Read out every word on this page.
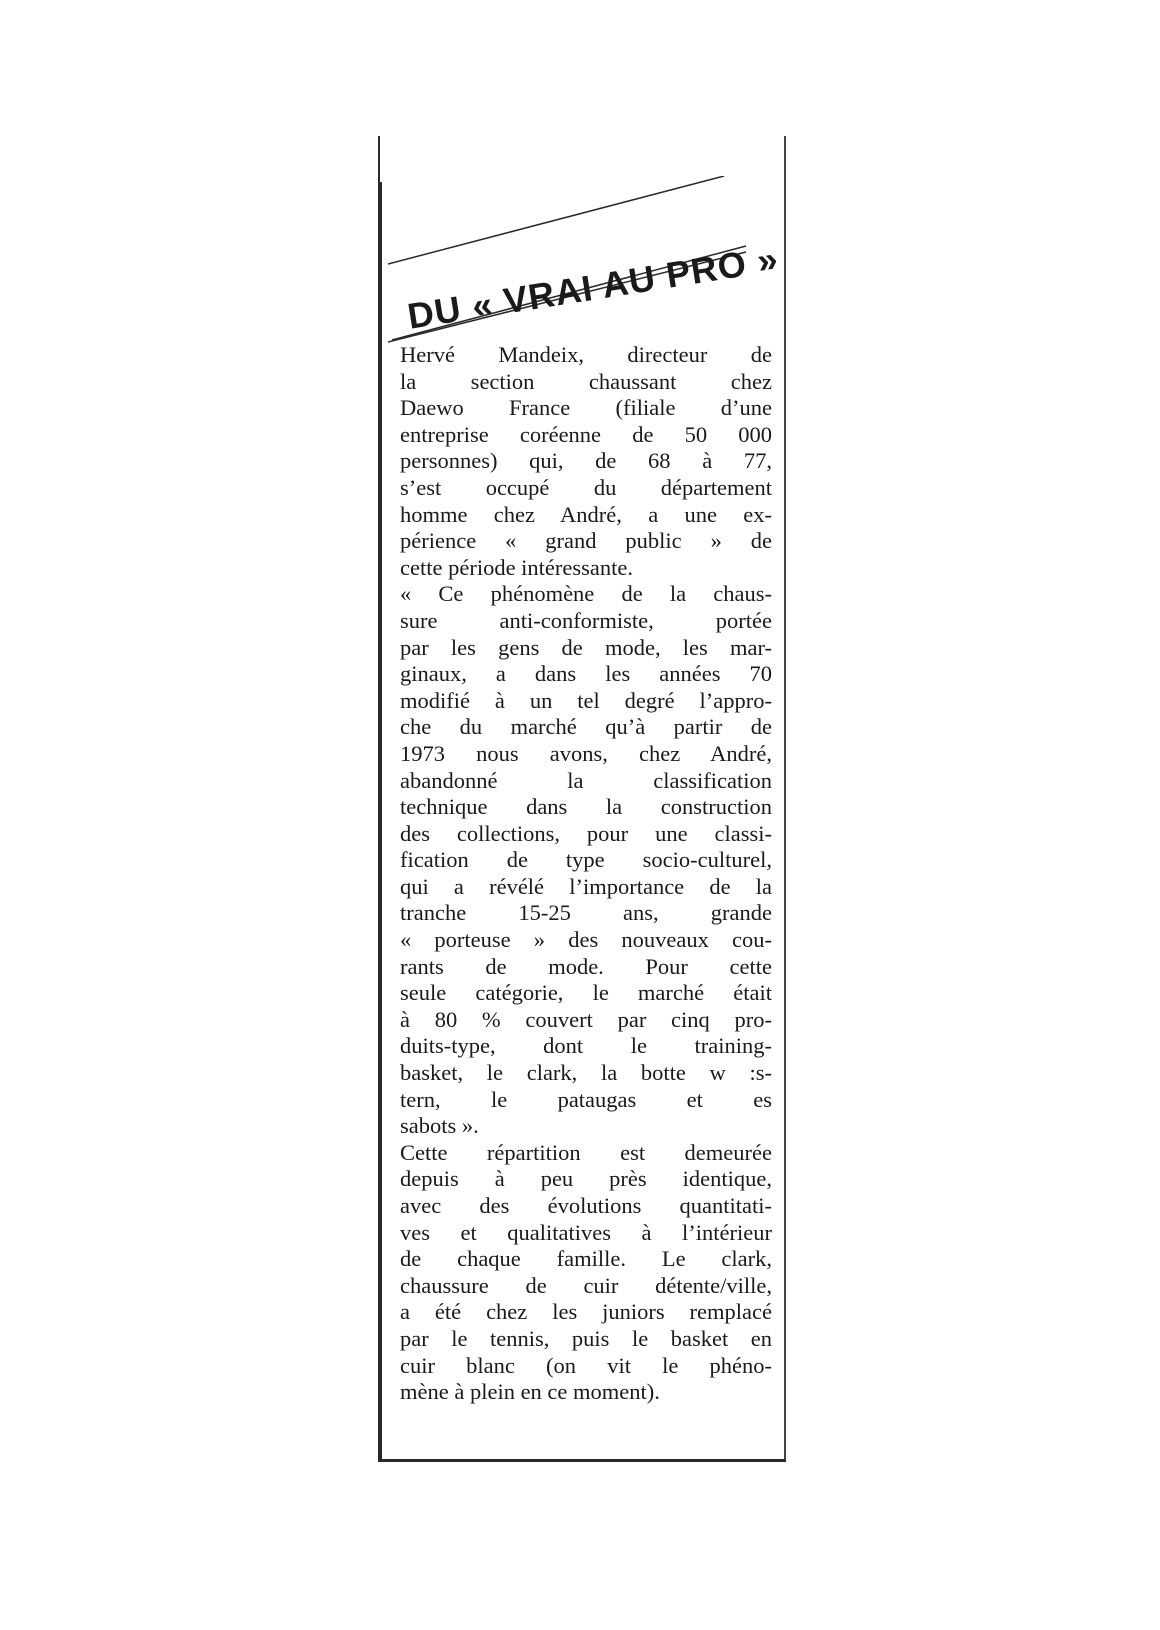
DU « VRAI AU PRO »
Hervé Mandeix, directeur de
la section chaussant chez
Daewo France (filiale d’une
entreprise coréenne de 50 000
personnes) qui, de 68 à 77,
s’est occupé du département
homme chez André, a une ex-
périence « grand public » de
cette période intéressante.
« Ce phénomène de la chaus-
sure anti-conformiste, portée
par les gens de mode, les mar-
ginaux, a dans les années 70
modifié à un tel degré l’appro-
che du marché qu’à partir de
1973 nous avons, chez André,
abandonné la classification
technique dans la construction
des collections, pour une classi-
fication de type socio-culturel,
qui a révélé l’importance de la
tranche 15-25 ans, grande
« porteuse » des nouveaux cou-
rants de mode. Pour cette
seule catégorie, le marché était
à 80 % couvert par cinq pro-
duits-type, dont le training-
basket, le clark, la botte w :s-
tern, le pataugas et es
sabots ».
Cette répartition est demeurée
depuis à peu près identique,
avec des évolutions quantitati-
ves et qualitatives à l’intérieur
de chaque famille. Le clark,
chaussure de cuir détente/ville,
a été chez les juniors remplacé
par le tennis, puis le basket en
cuir blanc (on vit le phéno-
mène à plein en ce moment).
